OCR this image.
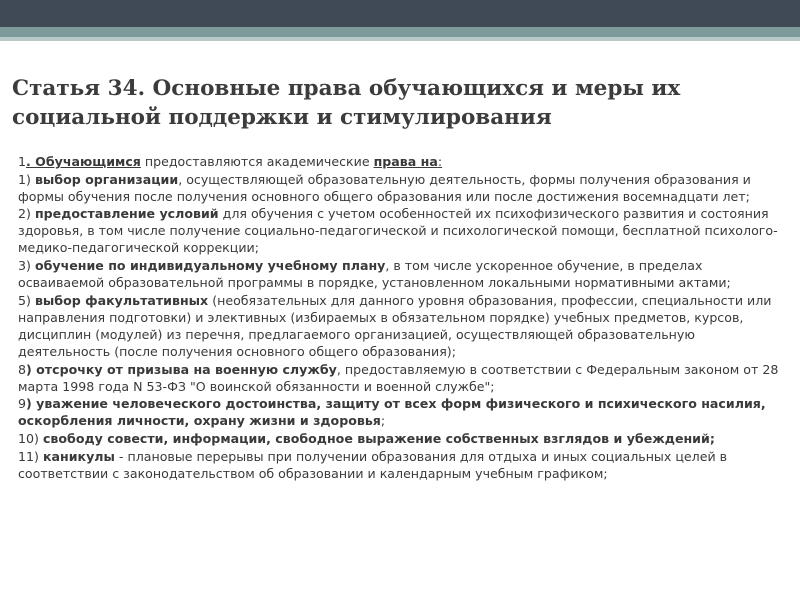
Статья 34. Основные права обучающихся и меры их
социальной поддержки и стимулирования

1. Обучающимся предоставляются академические права на:

1) выбор организации, осуществляющей образовательную деятельность, формы получения образования и формы обучения после получения основного общего образования или после достижения восемнадцати лет;

2) предоставление условий для обучения с учетом особенностей их психофизического развития и состояния здоровья, в том числе получение социально-педагогической и психологической помощи, бесплатной психолого-медико-педагогической коррекции;

3) обучение по индивидуальному учебному плану, в том числе ускоренное обучение, в пределах осваиваемой образовательной программы в порядке, установленном локальными нормативными актами;

5) выбор факультативных (необязательных для данного уровня образования, профессии, специальности или направления подготовки) и элективных (избираемых в обязательном порядке) учебных предметов, курсов, дисциплин (модулей) из перечня, предлагаемого организацией, осуществляющей образовательную деятельность (после получения основного общего образования);

8) отсрочку от призыва на военную службу, предоставляемую в соответствии с Федеральным законом от 28 марта 1998 года N 53-ФЗ "О воинской обязанности и военной службе";

9) уважение человеческого достоинства, защиту от всех форм физического и психического насилия, оскорбления личности, охрану жизни и здоровья;

10) свободу совести, информации, свободное выражение собственных взглядов и убеждений;

11) каникулы - плановые перерывы при получении образования для отдыха и иных социальных целей в соответствии с законодательством об образовании и календарным учебным графиком;
